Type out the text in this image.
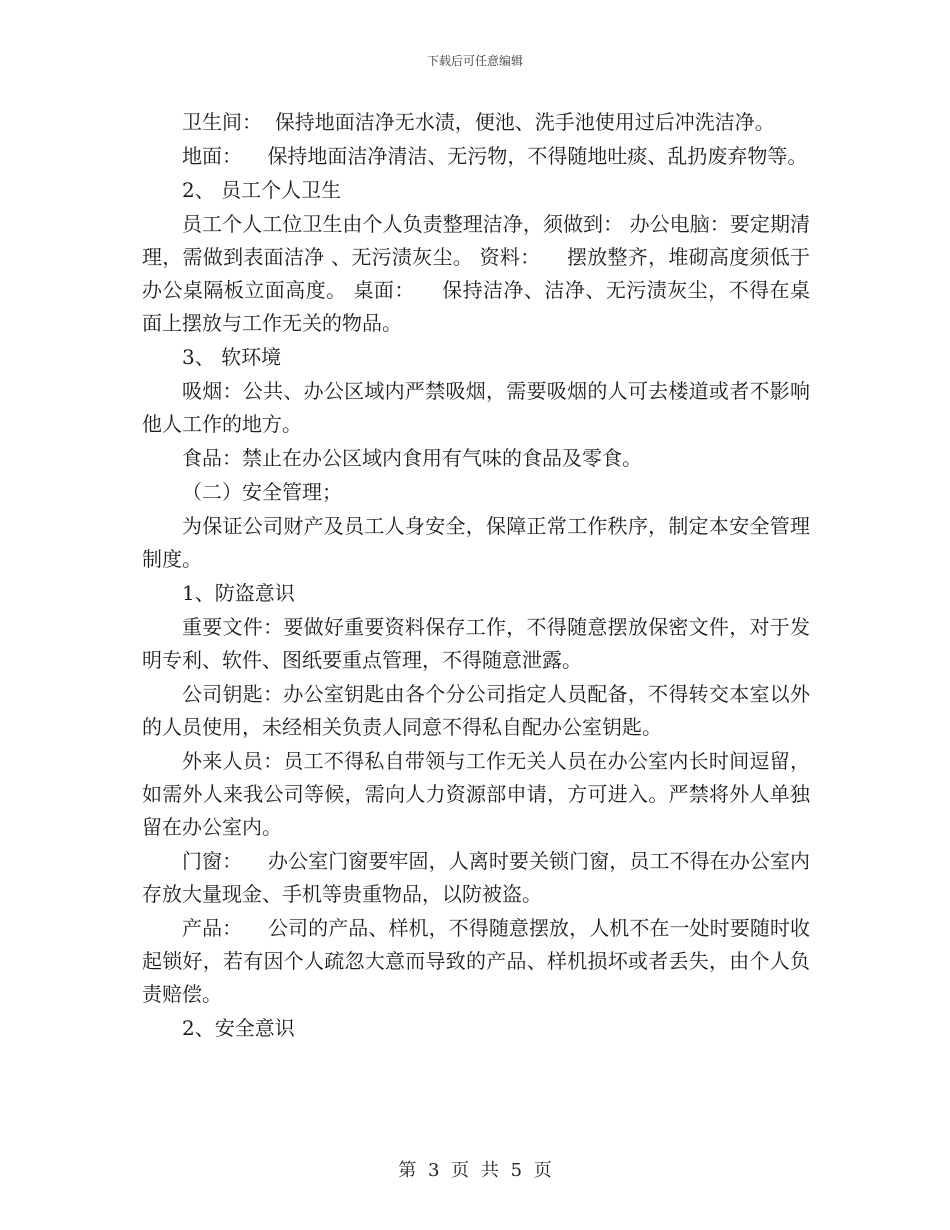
下载后可任意编辑

卫生间：  保持地面洁净无水渍，便池、洗手池使用过后冲洗洁净。

地面：    保持地面洁净清洁、无污物，不得随地吐痰、乱扔废弃物等。

2、 员工个人卫生

员工个人工位卫生由个人负责整理洁净，须做到： 办公电脑：要定期清理，需做到表面洁净 、无污渍灰尘。 资料：    摆放整齐，堆砌高度须低于办公桌隔板立面高度。 桌面：    保持洁净、洁净、无污渍灰尘，不得在桌面上摆放与工作无关的物品。

3、 软环境

吸烟：公共、办公区域内严禁吸烟，需要吸烟的人可去楼道或者不影响他人工作的地方。

食品：禁止在办公区域内食用有气味的食品及零食。

（二）安全管理；

为保证公司财产及员工人身安全，保障正常工作秩序，制定本安全管理制度。

1、防盗意识

重要文件：要做好重要资料保存工作，不得随意摆放保密文件，对于发明专利、软件、图纸要重点管理，不得随意泄露。

公司钥匙：办公室钥匙由各个分公司指定人员配备，不得转交本室以外的人员使用，未经相关负责人同意不得私自配办公室钥匙。

外来人员：员工不得私自带领与工作无关人员在办公室内长时间逗留，如需外人来我公司等候，需向人力资源部申请，方可进入。严禁将外人单独留在办公室内。

门窗：    办公室门窗要牢固，人离时要关锁门窗，员工不得在办公室内存放大量现金、手机等贵重物品，以防被盗。

产品：    公司的产品、样机，不得随意摆放，人机不在一处时要随时收起锁好，若有因个人疏忽大意而导致的产品、样机损坏或者丢失，由个人负责赔偿。

2、安全意识

第 3 页 共 5 页
